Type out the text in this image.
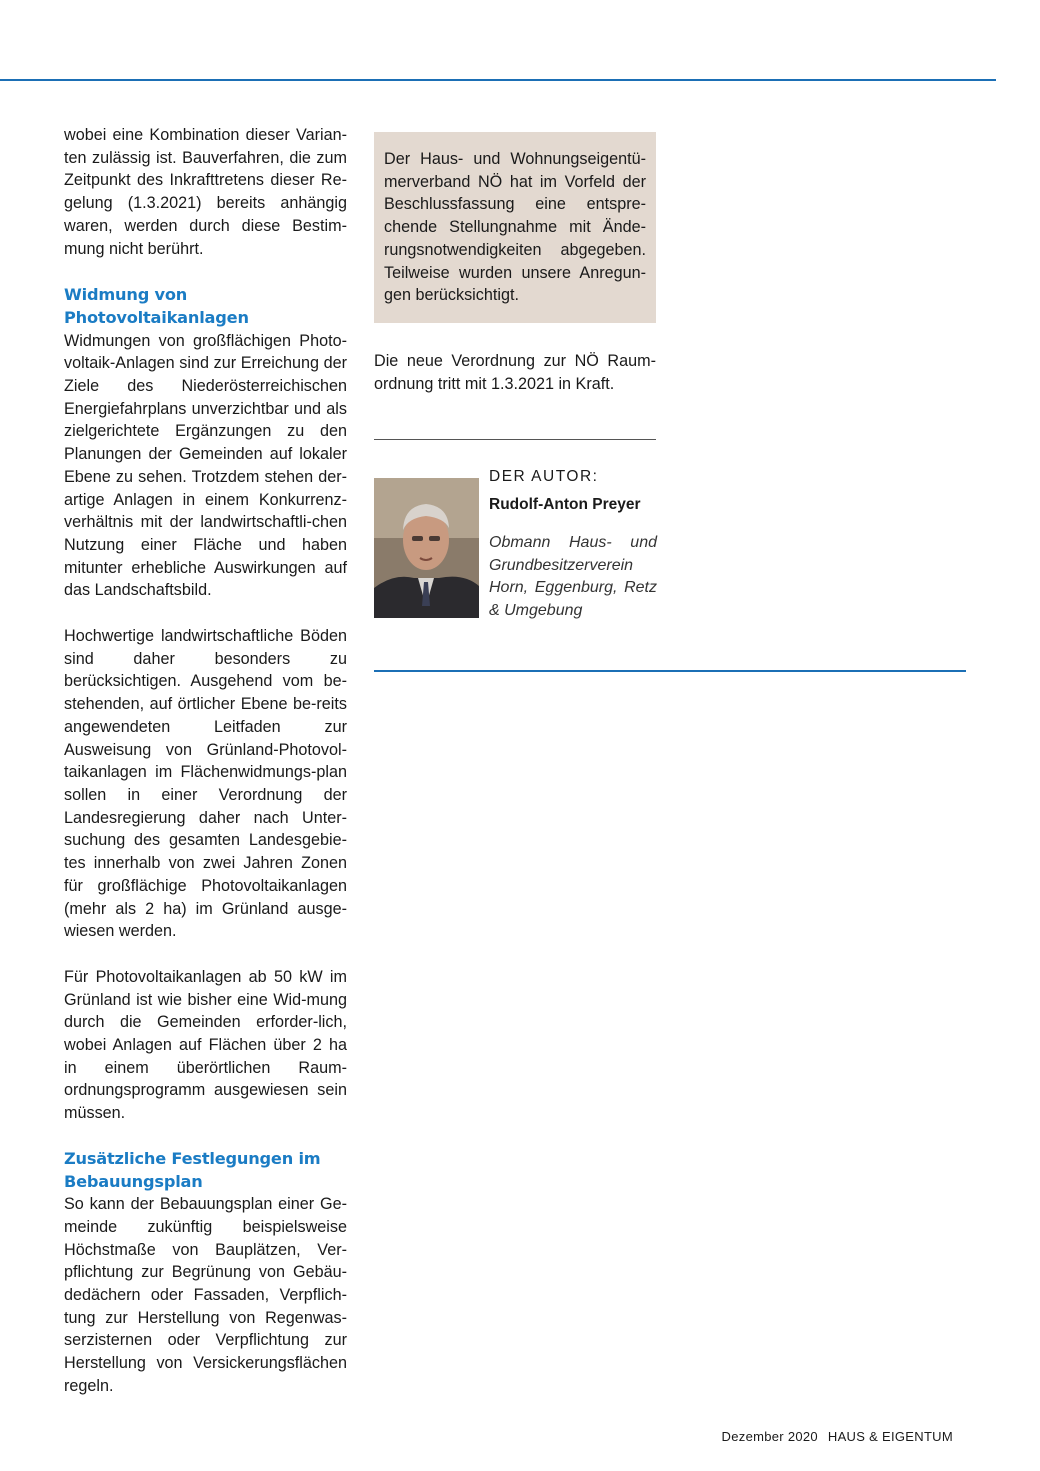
wobei eine Kombination dieser Varian-ten zulässig ist. Bauverfahren, die zum Zeitpunkt des Inkrafttretens dieser Re-gelung (1.3.2021) bereits anhängig waren, werden durch diese Bestim-mung nicht berührt.

Widmung von Photovoltaikanlagen

Widmungen von großflächigen Photo-voltaik-Anlagen sind zur Erreichung der Ziele des Niederösterreichischen Energiefahrplans unverzichtbar und als zielgerichtete Ergänzungen zu den Planungen der Gemeinden auf lokaler Ebene zu sehen. Trotzdem stehen der-artige Anlagen in einem Konkurrenz-verhältnis mit der landwirtschaftli-chen Nutzung einer Fläche und haben mitunter erhebliche Auswirkungen auf das Landschaftsbild.

Hochwertige landwirtschaftliche Böden sind daher besonders zu berücksichtigen. Ausgehend vom be-stehenden, auf örtlicher Ebene be-reits angewendeten Leitfaden zur Ausweisung von Grünland-Photovol-taikanlagen im Flächenwidmungs-plan sollen in einer Verordnung der Landesregierung daher nach Unter-suchung des gesamten Landesgebie-tes innerhalb von zwei Jahren Zonen für großflächige Photovoltaikanlagen (mehr als 2 ha) im Grünland ausge-wiesen werden.

Für Photovoltaikanlagen ab 50 kW im Grünland ist wie bisher eine Wid-mung durch die Gemeinden erforder-lich, wobei Anlagen auf Flächen über 2 ha in einem überörtlichen Raum-ordnungsprogramm ausgewiesen sein müssen.

Zusätzliche Festlegungen im Bebauungsplan

So kann der Bebauungsplan einer Ge-meinde zukünftig beispielsweise Höchstmaße von Bauplätzen, Ver-pflichtung zur Begrünung von Gebäu-dedächern oder Fassaden, Verpflich-tung zur Herstellung von Regenwas-serzisternen oder Verpflichtung zur Herstellung von Versickerungsflächen regeln.

Der Haus- und Wohnungseigentü-merverband NÖ hat im Vorfeld der Beschlussfassung eine entspre-chende Stellungnahme mit Ände-rungsnotwendigkeiten abgegeben. Teilweise wurden unsere Anregun-gen berücksichtigt.

Die neue Verordnung zur NÖ Raum-ordnung tritt mit 1.3.2021 in Kraft.

DER AUTOR:

Rudolf-Anton Preyer

Obmann Haus- und Grundbesitzerverein Horn, Eggenburg, Retz & Umgebung

Dezember 2020 HAUS & EIGENTUM
